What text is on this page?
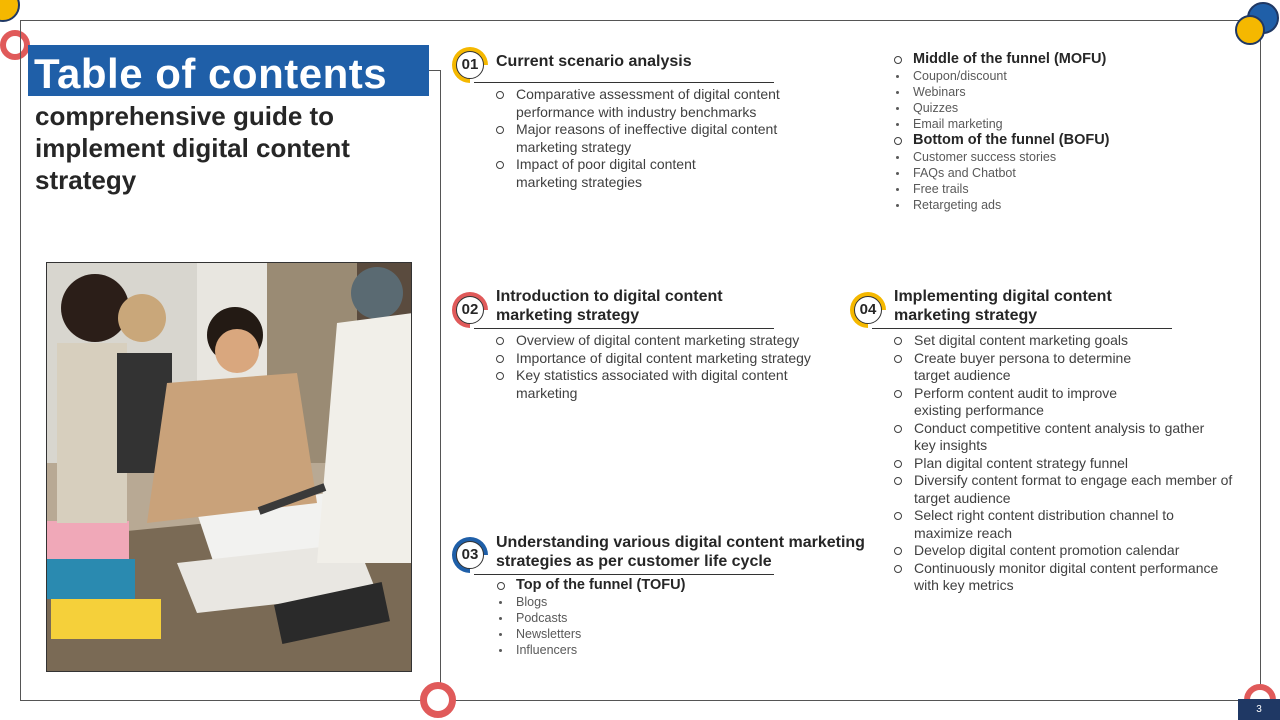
3
Table of contents
comprehensive guide to implement digital content strategy
01	Current scenario analysis
Comparative assessment of digital content performance with industry benchmarks
Major reasons of ineffective digital content marketing strategy
Impact of poor digital content marketing strategies
02
Introduction to digital content marketing strategy
Overview of digital content marketing strategy
Importance of digital content marketing strategy
Key statistics associated with digital content marketing
03
Understanding various digital content marketing strategies as per customer life cycle
Top of the funnel (TOFU)
Blogs
Podcasts
Newsletters
Influencers
Middle of the funnel (MOFU)
Coupon/discount
Webinars
Quizzes
Email marketing
Bottom of the funnel (BOFU)
Customer success stories
FAQs and Chatbot
Free trails
Retargeting ads
04
Implementing digital content marketing strategy
Set digital content marketing goals
Create buyer persona to determine target audience
Perform content audit to improve existing performance
Conduct competitive content analysis to gather key insights
Plan digital content strategy funnel
Diversify content format to engage each member of target audience
Select right content distribution channel to maximize reach
Develop digital content promotion calendar
Continuously monitor digital content performance with key metrics
